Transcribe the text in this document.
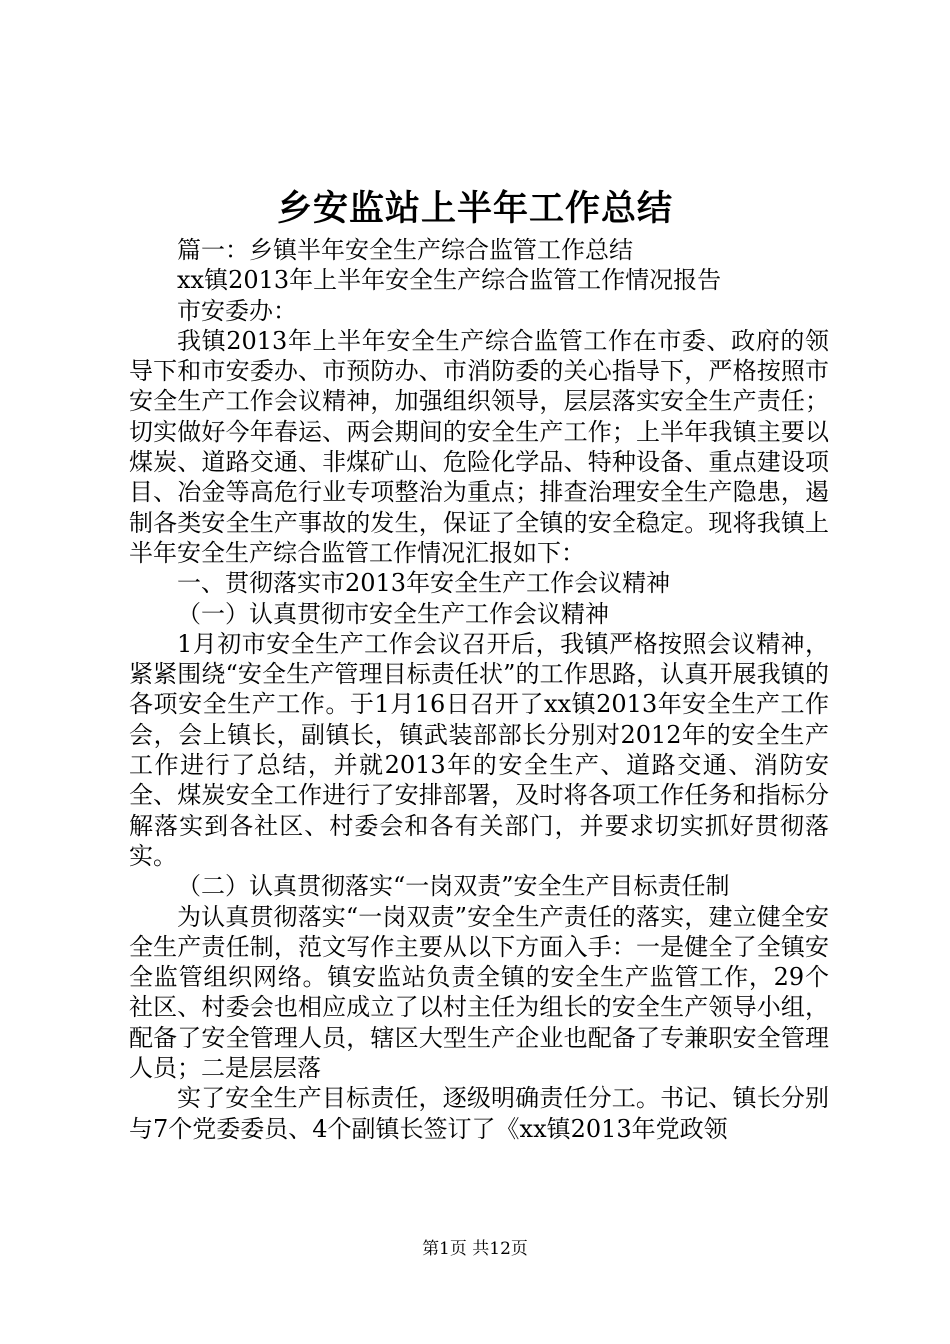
乡安监站上半年工作总结

篇一：乡镇半年安全生产综合监管工作总结

xx镇2013年上半年安全生产综合监管工作情况报告

市安委办：

我镇2013年上半年安全生产综合监管工作在市委、政府的领导下和市安委办、市预防办、市消防委的关心指导下，严格按照市安全生产工作会议精神，加强组织领导，层层落实安全生产责任；切实做好今年春运、两会期间的安全生产工作；上半年我镇主要以煤炭、道路交通、非煤矿山、危险化学品、特种设备、重点建设项目、冶金等高危行业专项整治为重点；排查治理安全生产隐患，遏制各类安全生产事故的发生，保证了全镇的安全稳定。现将我镇上半年安全生产综合监管工作情况汇报如下：

一、贯彻落实市2013年安全生产工作会议精神

（一）认真贯彻市安全生产工作会议精神

1月初市安全生产工作会议召开后，我镇严格按照会议精神，紧紧围绕“安全生产管理目标责任状”的工作思路，认真开展我镇的各项安全生产工作。于1月16日召开了xx镇2013年安全生产工作会，会上镇长，副镇长，镇武装部部长分别对2012年的安全生产工作进行了总结，并就2013年的安全生产、道路交通、消防安全、煤炭安全工作进行了安排部署，及时将各项工作任务和指标分解落实到各社区、村委会和各有关部门，并要求切实抓好贯彻落实。

（二）认真贯彻落实“一岗双责”安全生产目标责任制

为认真贯彻落实“一岗双责”安全生产责任的落实，建立健全安全生产责任制，范文写作主要从以下方面入手：一是健全了全镇安全监管组织网络。镇安监站负责全镇的安全生产监管工作，29个社区、村委会也相应成立了以村主任为组长的安全生产领导小组，配备了安全管理人员，辖区大型生产企业也配备了专兼职安全管理人员；二是层层落

实了安全生产目标责任，逐级明确责任分工。书记、镇长分别与7个党委委员、4个副镇长签订了《xx镇2013年党政领

第1页 共12页
